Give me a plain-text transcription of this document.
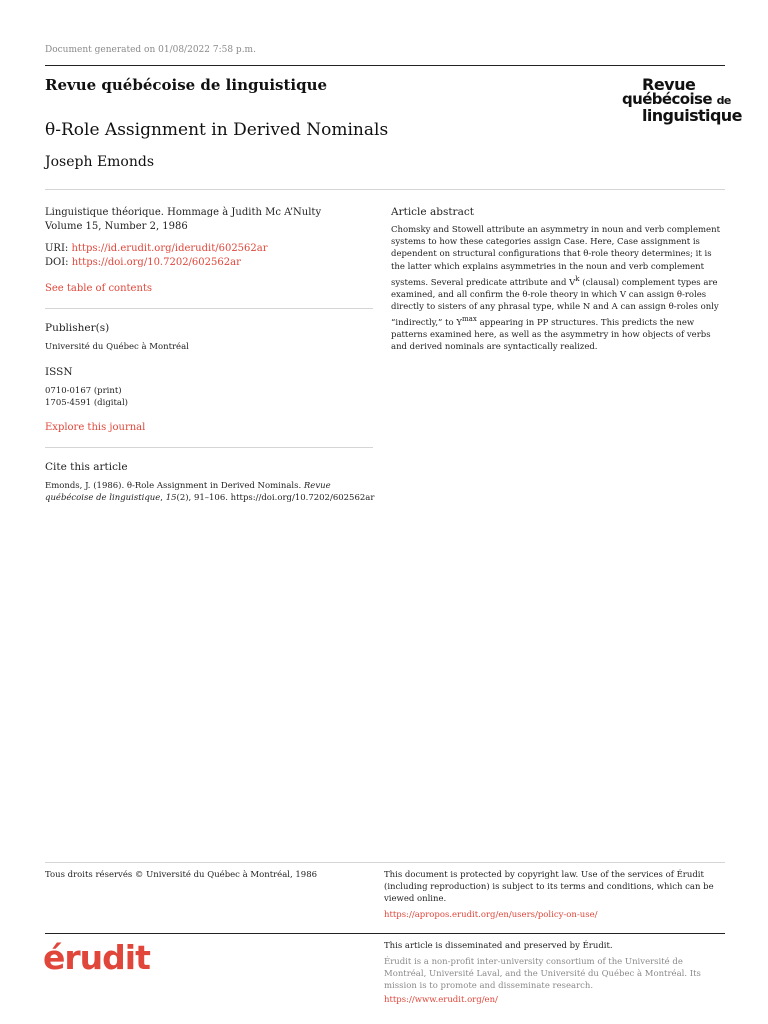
Document generated on 01/08/2022 7:58 p.m.
Revue québécoise de linguistique	Revue
québécoise de
linguistique
θ-Role Assignment in Derived Nominals
Joseph Emonds
Linguistique théorique. Hommage à Judith Mc A’Nulty
Volume 15, Number 2, 1986
URI: https://id.erudit.org/iderudit/602562ar
DOI: https://doi.org/10.7202/602562ar
See table of contents
Publisher(s)
Université du Québec à Montréal
ISSN
0710-0167 (print)
1705-4591 (digital)
Explore this journal
Cite this article
Emonds, J. (1986). θ-Role Assignment in Derived Nominals. Revue québécoise de linguistique, 15(2), 91–106. https://doi.org/10.7202/602562ar
Article abstract
Chomsky and Stowell attribute an asymmetry in noun and verb complement systems to how these categories assign Case. Here, Case assignment is dependent on structural configurations that θ-role theory determines; it is the latter which explains asymmetries in the noun and verb complement systems. Several predicate attribute and $V^k$ (clausal) complement types are examined, and all confirm the θ-role theory in which V can assign θ-roles directly to sisters of any phrasal type, while N and A can assign θ-roles only “indirectly,” to $Y^{max}$ appearing in PP structures. This predicts the new patterns examined here, as well as the asymmetry in how objects of verbs and derived nominals are syntactically realized.
Tous droits réservés © Université du Québec à Montréal, 1986	This document is protected by copyright law. Use of the services of Érudit (including reproduction) is subject to its terms and conditions, which can be viewed online.
https://apropos.erudit.org/en/users/policy-on-use/
érudit	This article is disseminated and preserved by Érudit.
Érudit is a non-profit inter-university consortium of the Université de Montréal, Université Laval, and the Université du Québec à Montréal. Its mission is to promote and disseminate research.
https://www.erudit.org/en/
